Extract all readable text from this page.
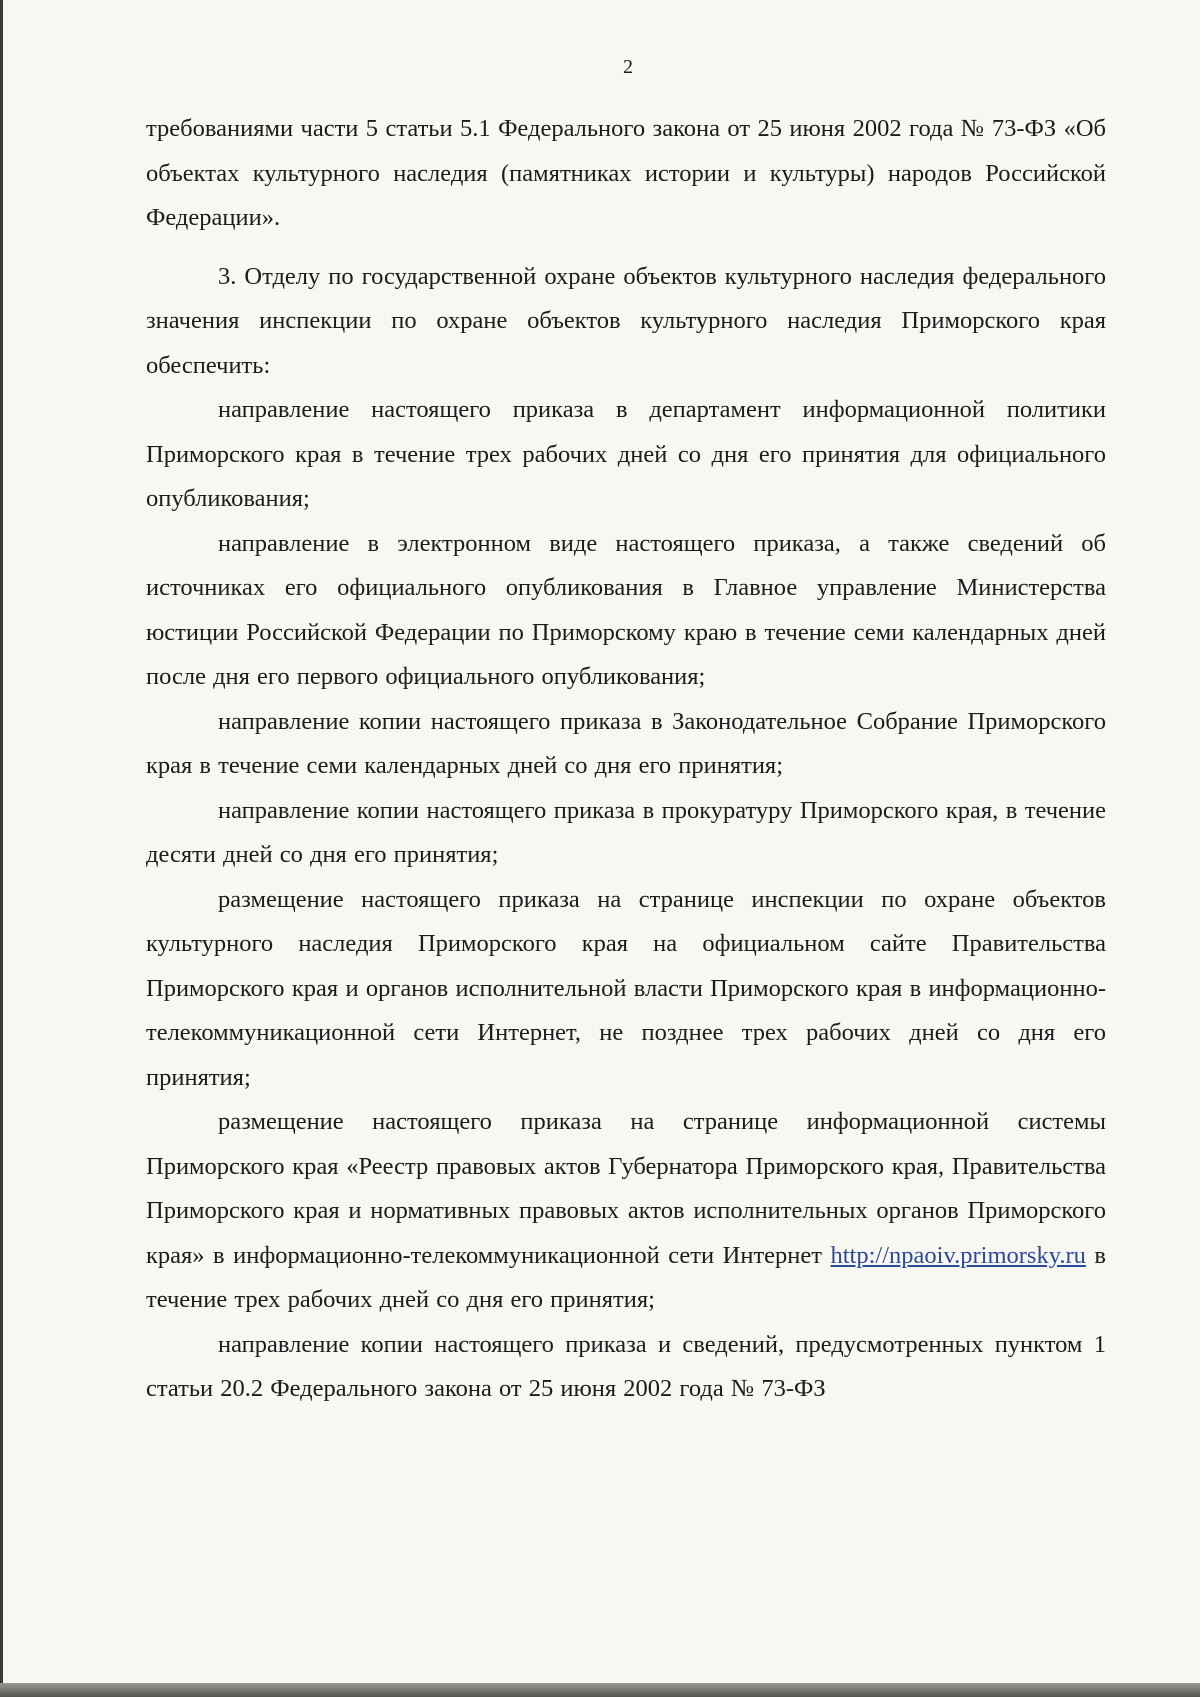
2

требованиями части 5 статьи 5.1 Федерального закона от 25 июня 2002 года № 73-ФЗ «Об объектах культурного наследия (памятниках истории и культуры) народов Российской Федерации».

3. Отделу по государственной охране объектов культурного наследия федерального значения инспекции по охране объектов культурного наследия Приморского края обеспечить:

направление настоящего приказа в департамент информационной политики Приморского края в течение трех рабочих дней со дня его принятия для официального опубликования;

направление в электронном виде настоящего приказа, а также сведений об источниках его официального опубликования в Главное управление Министерства юстиции Российской Федерации по Приморскому краю в течение семи календарных дней после дня его первого официального опубликования;

направление копии настоящего приказа в Законодательное Собрание Приморского края в течение семи календарных дней со дня его принятия;

направление копии настоящего приказа в прокуратуру Приморского края, в течение десяти дней со дня его принятия;

размещение настоящего приказа на странице инспекции по охране объектов культурного наследия Приморского края на официальном сайте Правительства Приморского края и органов исполнительной власти Приморского края в информационно-телекоммуникационной сети Интернет, не позднее трех рабочих дней со дня его принятия;

размещение настоящего приказа на странице информационной системы Приморского края «Реестр правовых актов Губернатора Приморского края, Правительства Приморского края и нормативных правовых актов исполнительных органов Приморского края» в информационно-телекоммуникационной сети Интернет http://npaoiv.primorsky.ru в течение трех рабочих дней со дня его принятия;

направление копии настоящего приказа и сведений, предусмотренных пунктом 1 статьи 20.2 Федерального закона от 25 июня 2002 года № 73-ФЗ
